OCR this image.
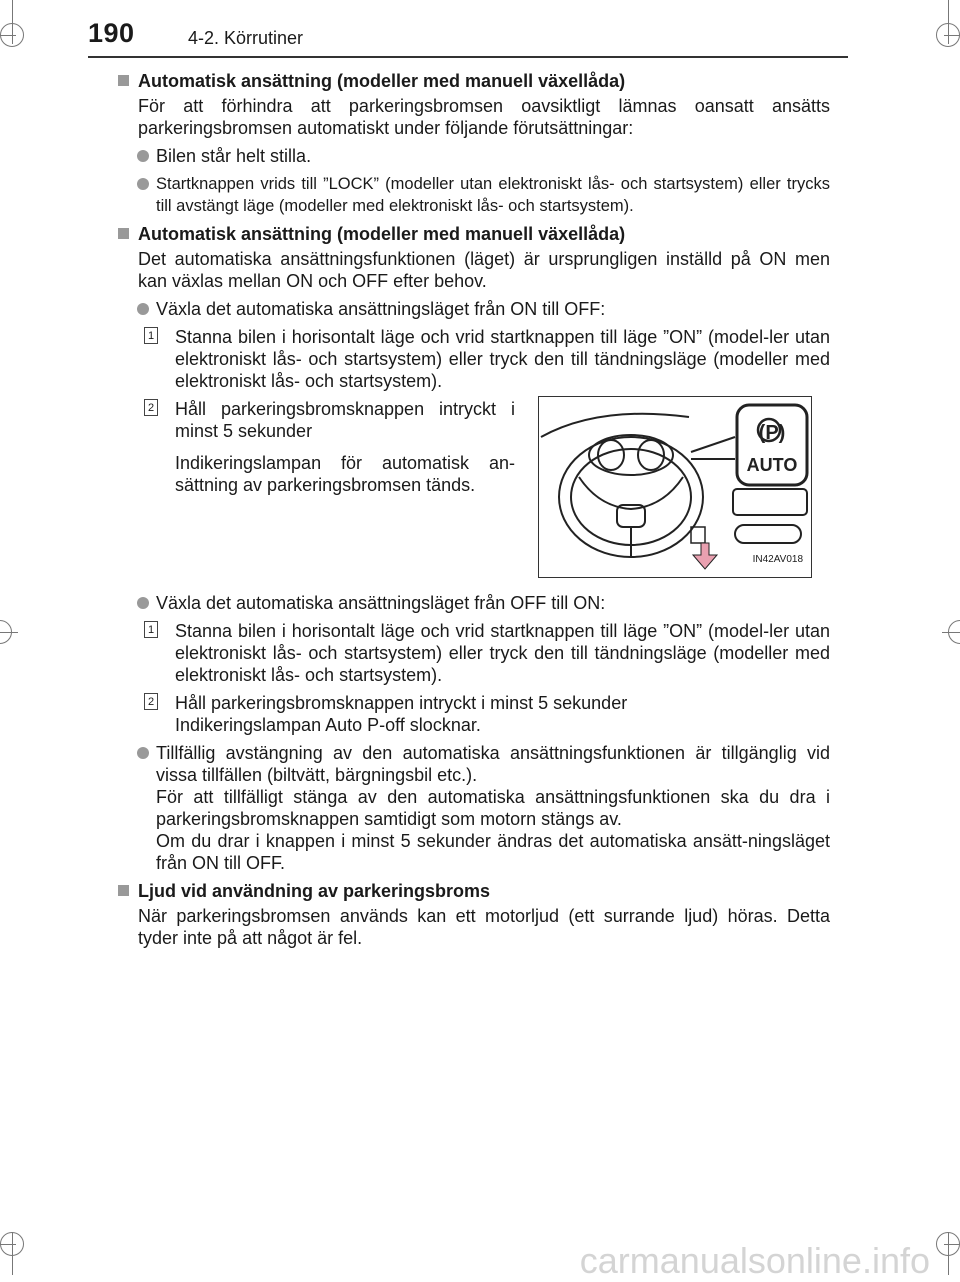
190	4-2. Körrutiner
Automatisk ansättning (modeller med manuell växellåda)
För att förhindra att parkeringsbromsen oavsiktligt lämnas oansatt ansätts parkeringsbromsen automatiskt under följande förutsättningar:
Bilen står helt stilla.
Startknappen vrids till ”LOCK” (modeller utan elektroniskt lås- och startsystem) eller trycks till avstängt läge (modeller med elektroniskt lås- och startsystem).
Automatisk ansättning (modeller med manuell växellåda)
Det automatiska ansättningsfunktionen (läget) är ursprungligen inställd på ON men kan växlas mellan ON och OFF efter behov.
Växla det automatiska ansättningsläget från ON till OFF:
1 Stanna bilen i horisontalt läge och vrid startknappen till läge ”ON” (model-ler utan elektroniskt lås- och startsystem) eller tryck den till tändningsläge (modeller med elektroniskt lås- och startsystem).
2 Håll parkeringsbromsknappen intryckt i minst 5 sekunder

Indikeringslampan för automatisk an-sättning av parkeringsbromsen tänds.

(P)
AUTO
IN42AV018
Växla det automatiska ansättningsläget från OFF till ON:
1 Stanna bilen i horisontalt läge och vrid startknappen till läge ”ON” (model-ler utan elektroniskt lås- och startsystem) eller tryck den till tändningsläge (modeller med elektroniskt lås- och startsystem).
2 Håll parkeringsbromsknappen intryckt i minst 5 sekunder
Indikeringslampan Auto P-off slocknar.
Tillfällig avstängning av den automatiska ansättningsfunktionen är tillgänglig vid vissa tillfällen (biltvätt, bärgningsbil etc.).
För att tillfälligt stänga av den automatiska ansättningsfunktionen ska du dra i parkeringsbromsknappen samtidigt som motorn stängs av.
Om du drar i knappen i minst 5 sekunder ändras det automatiska ansätt-ningsläget från ON till OFF.
Ljud vid användning av parkeringsbroms
När parkeringsbromsen används kan ett motorljud (ett surrande ljud) höras. Detta tyder inte på att något är fel.
carmanualsonline.info
